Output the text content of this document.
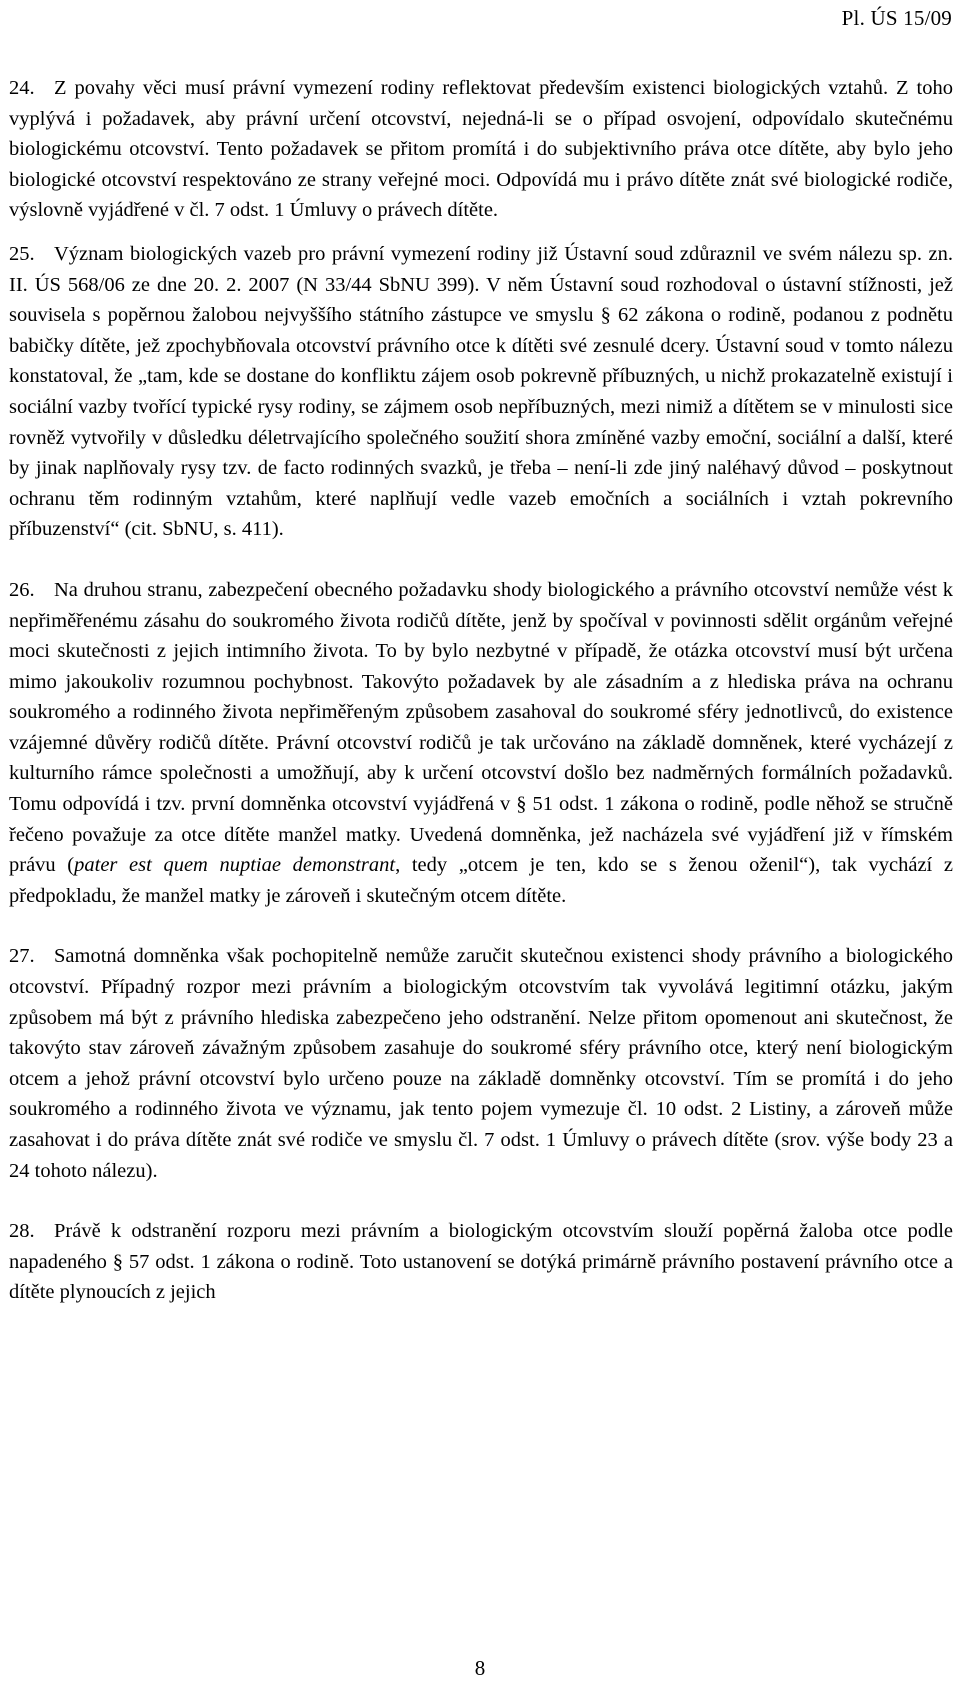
Pl. ÚS 15/09

24. Z povahy věci musí právní vymezení rodiny reflektovat především existenci biologických vztahů. Z toho vyplývá i požadavek, aby právní určení otcovství, nejedná-li se o případ osvojení, odpovídalo skutečnému biologickému otcovství. Tento požadavek se přitom promítá i do subjektivního práva otce dítěte, aby bylo jeho biologické otcovství respektováno ze strany veřejné moci. Odpovídá mu i právo dítěte znát své biologické rodiče, výslovně vyjádřené v čl. 7 odst. 1 Úmluvy o právech dítěte.

25. Význam biologických vazeb pro právní vymezení rodiny již Ústavní soud zdůraznil ve svém nálezu sp. zn. II. ÚS 568/06 ze dne 20. 2. 2007 (N 33/44 SbNU 399). V něm Ústavní soud rozhodoval o ústavní stížnosti, jež souvisela s popěrnou žalobou nejvyššího státního zástupce ve smyslu § 62 zákona o rodině, podanou z podnětu babičky dítěte, jež zpochybňovala otcovství právního otce k dítěti své zesnulé dcery. Ústavní soud v tomto nálezu konstatoval, že „tam, kde se dostane do konfliktu zájem osob pokrevně příbuzných, u nichž prokazatelně existují i sociální vazby tvořící typické rysy rodiny, se zájmem osob nepříbuzných, mezi nimiž a dítětem se v minulosti sice rovněž vytvořily v důsledku déletrvajícího společného soužití shora zmíněné vazby emoční, sociální a další, které by jinak naplňovaly rysy tzv. de facto rodinných svazků, je třeba – není-li zde jiný naléhavý důvod – poskytnout ochranu těm rodinným vztahům, které naplňují vedle vazeb emočních a sociálních i vztah pokrevního příbuzenství“ (cit. SbNU, s. 411).

26. Na druhou stranu, zabezpečení obecného požadavku shody biologického a právního otcovství nemůže vést k nepřiměřenému zásahu do soukromého života rodičů dítěte, jenž by spočíval v povinnosti sdělit orgánům veřejné moci skutečnosti z jejich intimního života. To by bylo nezbytné v případě, že otázka otcovství musí být určena mimo jakoukoliv rozumnou pochybnost. Takovýto požadavek by ale zásadním a z hlediska práva na ochranu soukromého a rodinného života nepřiměřeným způsobem zasahoval do soukromé sféry jednotlivců, do existence vzájemné důvěry rodičů dítěte. Právní otcovství rodičů je tak určováno na základě domněnek, které vycházejí z kulturního rámce společnosti a umožňují, aby k určení otcovství došlo bez nadměrných formálních požadavků. Tomu odpovídá i tzv. první domněnka otcovství vyjádřená v § 51 odst. 1 zákona o rodině, podle něhož se stručně řečeno považuje za otce dítěte manžel matky. Uvedená domněnka, jež nacházela své vyjádření již v římském právu (pater est quem nuptiae demonstrant, tedy „otcem je ten, kdo se s ženou oženil“), tak vychází z předpokladu, že manžel matky je zároveň i skutečným otcem dítěte.

27. Samotná domněnka však pochopitelně nemůže zaručit skutečnou existenci shody právního a biologického otcovství. Případný rozpor mezi právním a biologickým otcovstvím tak vyvolává legitimní otázku, jakým způsobem má být z právního hlediska zabezpečeno jeho odstranění. Nelze přitom opomenout ani skutečnost, že takovýto stav zároveň závažným způsobem zasahuje do soukromé sféry právního otce, který není biologickým otcem a jehož právní otcovství bylo určeno pouze na základě domněnky otcovství. Tím se promítá i do jeho soukromého a rodinného života ve významu, jak tento pojem vymezuje čl. 10 odst. 2 Listiny, a zároveň může zasahovat i do práva dítěte znát své rodiče ve smyslu čl. 7 odst. 1 Úmluvy o právech dítěte (srov. výše body 23 a 24 tohoto nálezu).

28. Právě k odstranění rozporu mezi právním a biologickým otcovstvím slouží popěrná žaloba otce podle napadeného § 57 odst. 1 zákona o rodině. Toto ustanovení se dotýká primárně právního postavení právního otce a dítěte plynoucích z jejich

8
